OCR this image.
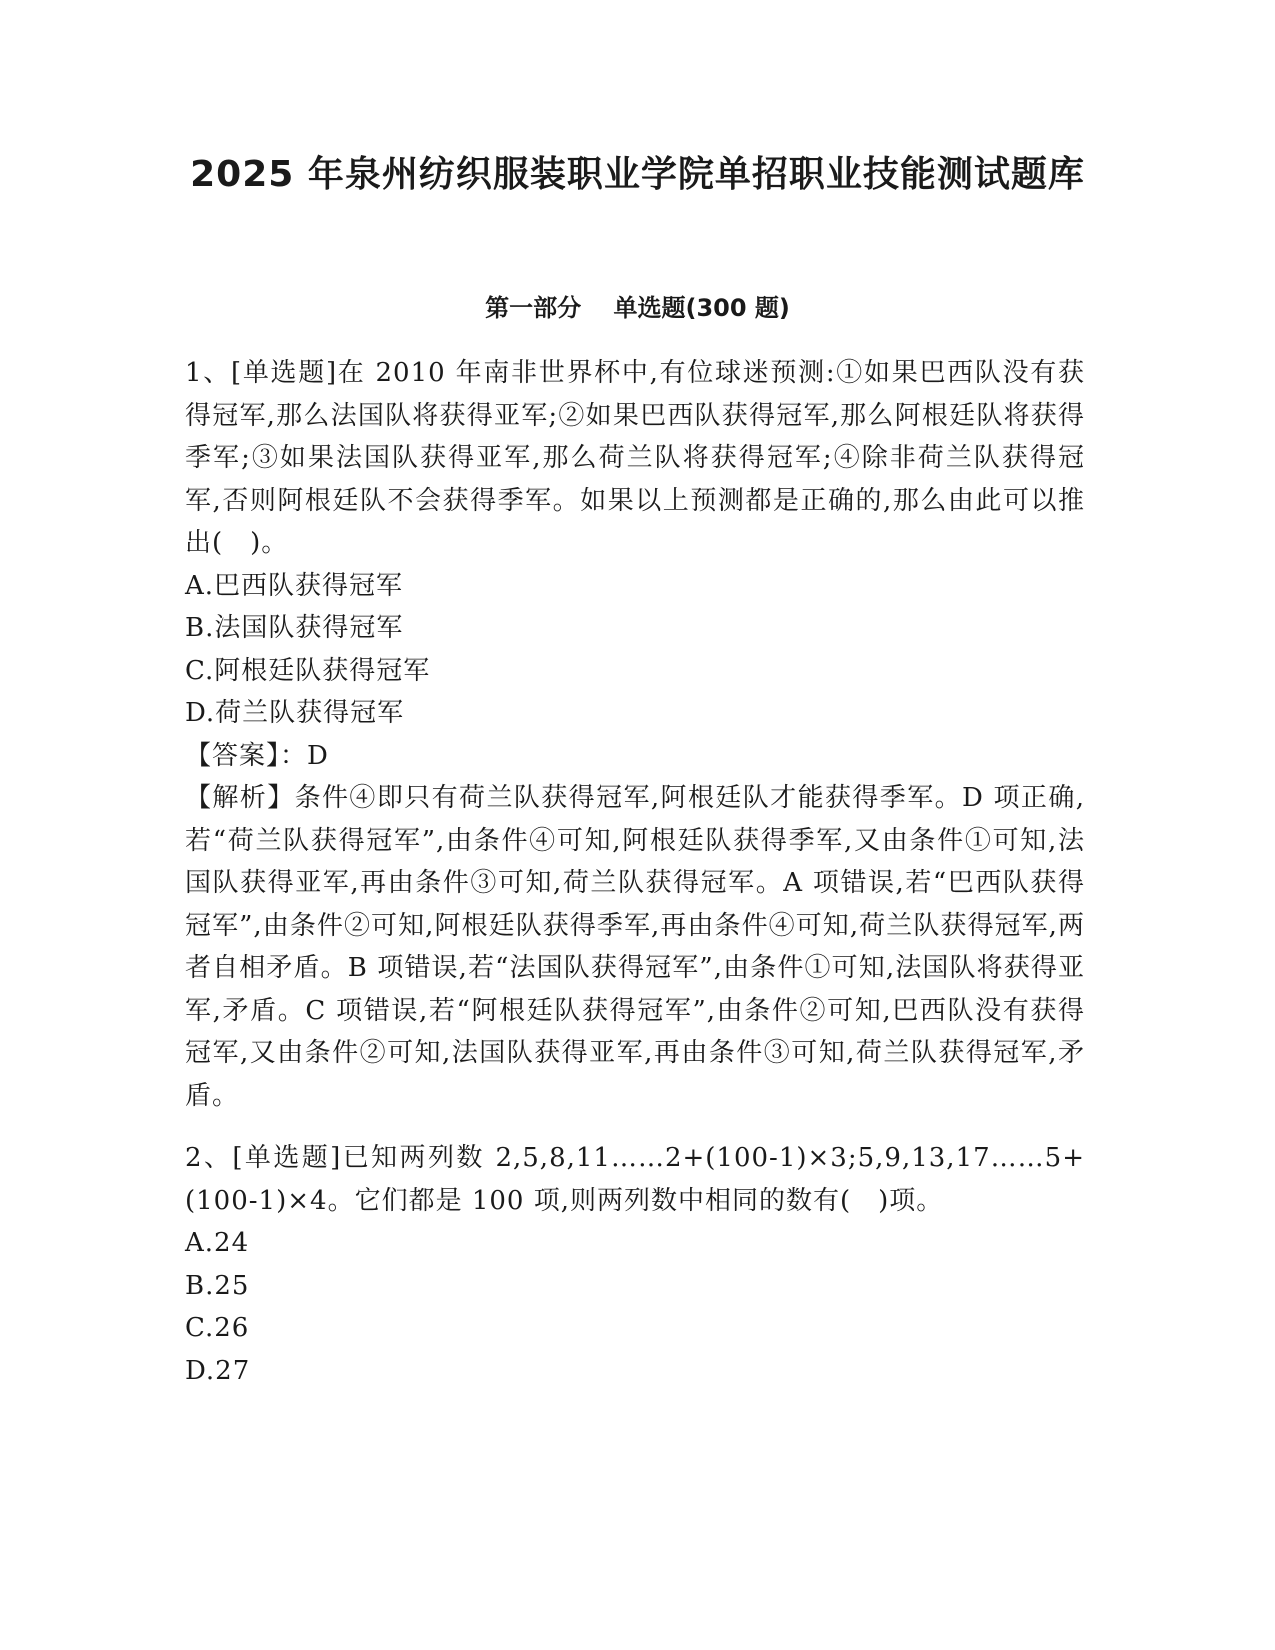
2025 年泉州纺织服装职业学院单招职业技能测试题库
第一部分　 单选题(300 题)

1、[单选题]在 2010 年南非世界杯中,有位球迷预测:①如果巴西队没有获得冠军,那么法国队将获得亚军;②如果巴西队获得冠军,那么阿根廷队将获得季军;③如果法国队获得亚军,那么荷兰队将获得冠军;④除非荷兰队获得冠军,否则阿根廷队不会获得季军。如果以上预测都是正确的,那么由此可以推出(　)。

A.巴西队获得冠军
B.法国队获得冠军
C.阿根廷队获得冠军
D.荷兰队获得冠军

【答案】：D

【解析】条件④即只有荷兰队获得冠军,阿根廷队才能获得季军。D 项正确,若“荷兰队获得冠军”,由条件④可知,阿根廷队获得季军,又由条件①可知,法国队获得亚军,再由条件③可知,荷兰队获得冠军。A 项错误,若“巴西队获得冠军”,由条件②可知,阿根廷队获得季军,再由条件④可知,荷兰队获得冠军,两者自相矛盾。B 项错误,若“法国队获得冠军”,由条件①可知,法国队将获得亚军,矛盾。C 项错误,若“阿根廷队获得冠军”,由条件②可知,巴西队没有获得冠军,又由条件②可知,法国队获得亚军,再由条件③可知,荷兰队获得冠军,矛盾。

2、[单选题]已知两列数 2,5,8,11……2+(100-1)×3;5,9,13,17……5+(100-1)×4。它们都是 100 项,则两列数中相同的数有(　)项。

A.24
B.25
C.26
D.27
